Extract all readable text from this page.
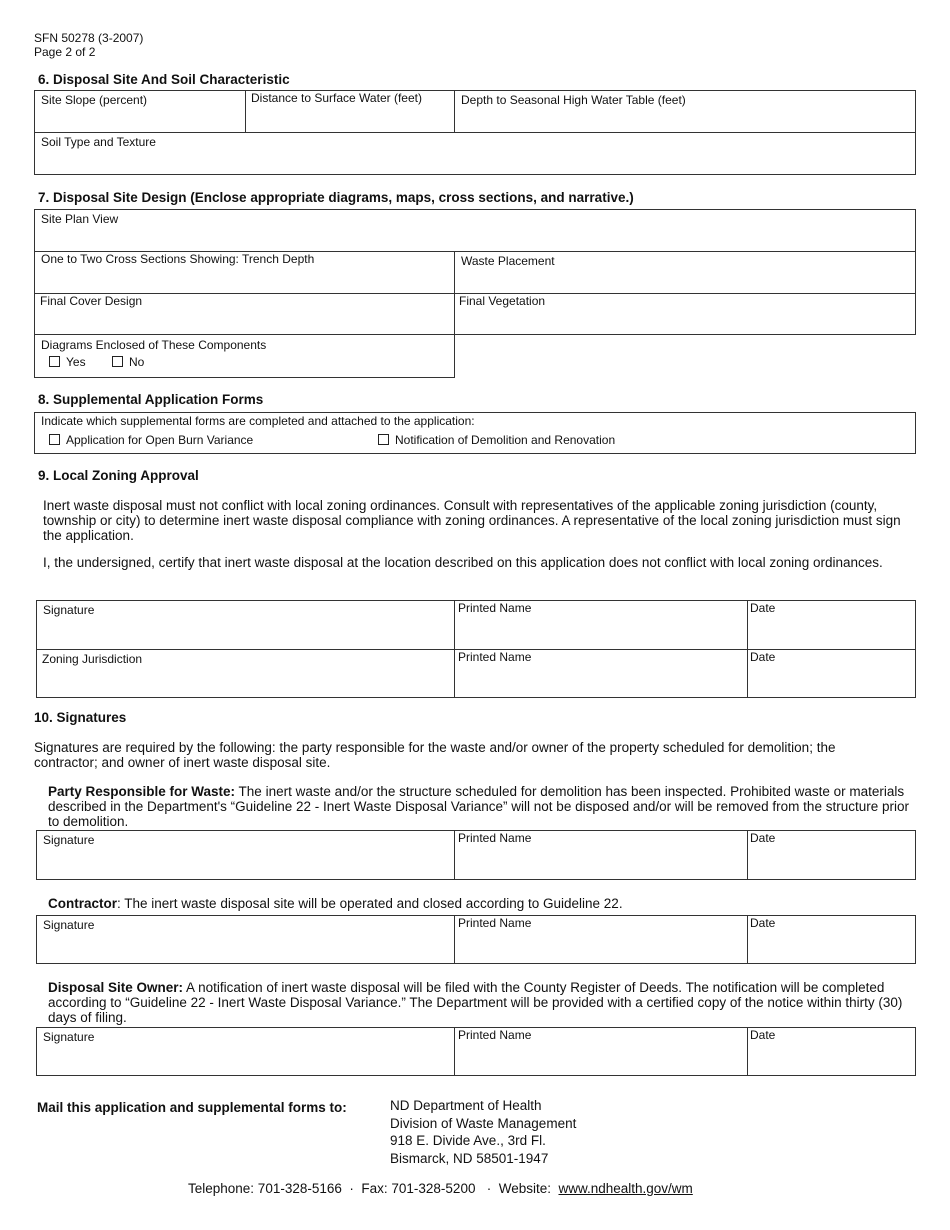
SFN 50278 (3-2007)
Page 2 of 2
6. Disposal Site And Soil Characteristic
Site Slope (percent)	Distance to Surface Water (feet)	Depth to Seasonal High Water Table (feet)
Soil Type and Texture
7. Disposal Site Design (Enclose appropriate diagrams, maps, cross sections, and narrative.)
Site Plan View
One to Two Cross Sections Showing: Trench Depth	Waste Placement
Final Cover Design	Final Vegetation
Diagrams Enclosed of These Components
Yes	No
8. Supplemental Application Forms
Indicate which supplemental forms are completed and attached to the application:
Application for Open Burn Variance	Notification of Demolition and Renovation
9. Local Zoning Approval
Inert waste disposal must not conflict with local zoning ordinances. Consult with representatives of the applicable zoning jurisdiction (county, township or city) to determine inert waste disposal compliance with zoning ordinances. A representative of the local zoning jurisdiction must sign the application.
I, the undersigned, certify that inert waste disposal at the location described on this application does not conflict with local zoning ordinances.
Signature	Printed Name	Date
Zoning Jurisdiction	Printed Name	Date
10. Signatures
Signatures are required by the following: the party responsible for the waste and/or owner of the property scheduled for demolition; the contractor; and owner of inert waste disposal site.
Party Responsible for Waste: The inert waste and/or the structure scheduled for demolition has been inspected. Prohibited waste or materials described in the Department's “Guideline 22 - Inert Waste Disposal Variance” will not be disposed and/or will be removed from the structure prior to demolition.
Signature	Printed Name	Date
Contractor: The inert waste disposal site will be operated and closed according to Guideline 22.
Signature	Printed Name	Date
Disposal Site Owner: A notification of inert waste disposal will be filed with the County Register of Deeds. The notification will be completed according to “Guideline 22 - Inert Waste Disposal Variance.” The Department will be provided with a certified copy of the notice within thirty (30) days of filing.
Signature	Printed Name	Date
Mail this application and supplemental forms to:	ND Department of Health
Division of Waste Management
918 E. Divide Ave., 3rd Fl.
Bismarck, ND 58501-1947
Telephone: 701-328-5166  ·  Fax: 701-328-5200   ·  Website:  www.ndhealth.gov/wm
